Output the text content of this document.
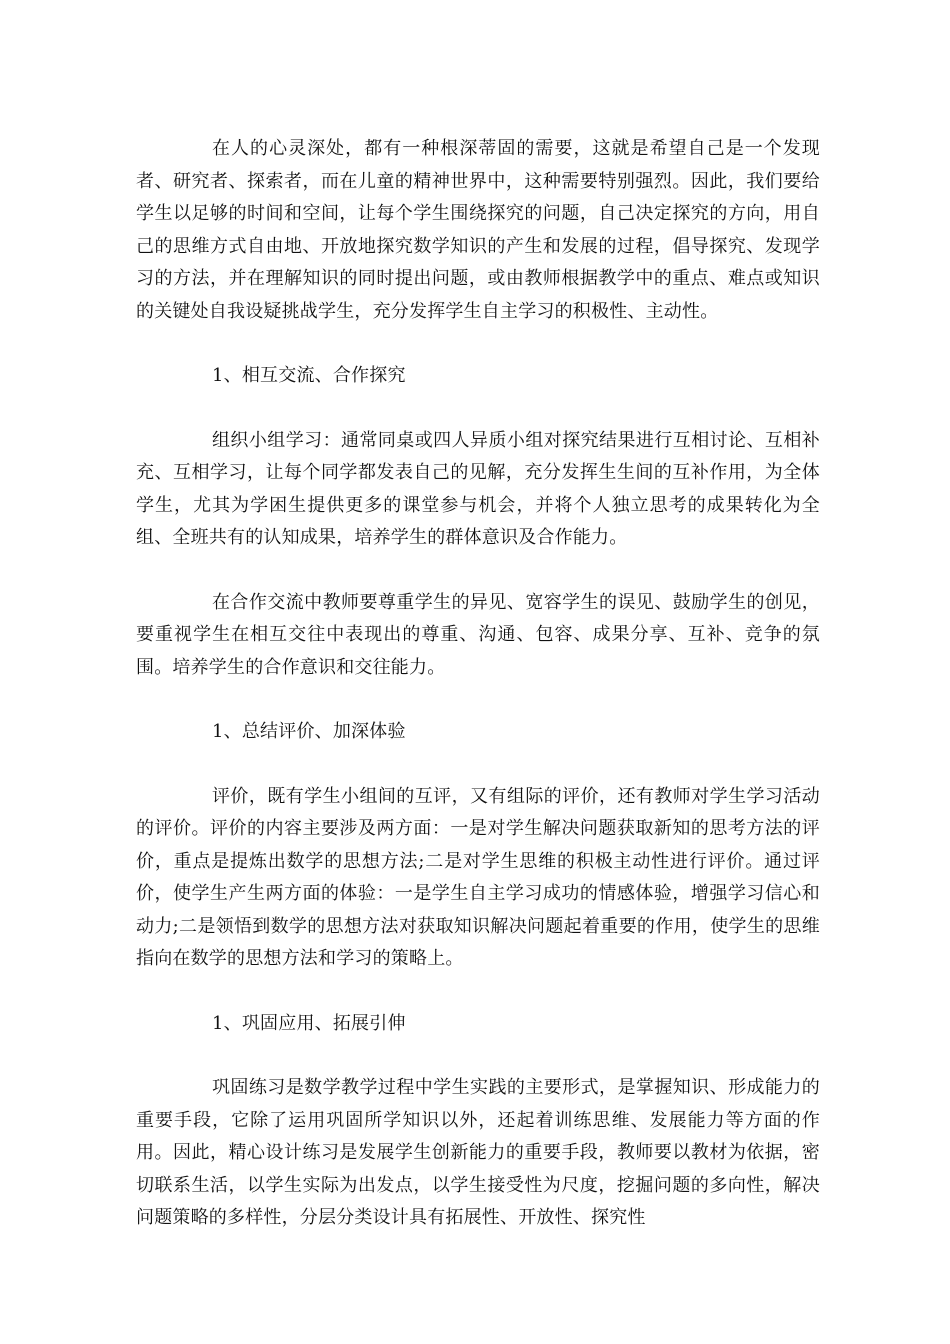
在人的心灵深处，都有一种根深蒂固的需要，这就是希望自己是一个发现者、研究者、探索者，而在儿童的精神世界中，这种需要特别强烈。因此，我们要给学生以足够的时间和空间，让每个学生围绕探究的问题，自己决定探究的方向，用自己的思维方式自由地、开放地探究数学知识的产生和发展的过程，倡导探究、发现学习的方法，并在理解知识的同时提出问题，或由教师根据教学中的重点、难点或知识的关键处自我设疑挑战学生，充分发挥学生自主学习的积极性、主动性。

1、相互交流、合作探究

组织小组学习：通常同桌或四人异质小组对探究结果进行互相讨论、互相补充、互相学习，让每个同学都发表自己的见解，充分发挥生生间的互补作用，为全体学生，尤其为学困生提供更多的课堂参与机会，并将个人独立思考的成果转化为全组、全班共有的认知成果，培养学生的群体意识及合作能力。

在合作交流中教师要尊重学生的异见、宽容学生的误见、鼓励学生的创见，要重视学生在相互交往中表现出的尊重、沟通、包容、成果分享、互补、竞争的氛围。培养学生的合作意识和交往能力。

1、总结评价、加深体验

评价，既有学生小组间的互评，又有组际的评价，还有教师对学生学习活动的评价。评价的内容主要涉及两方面：一是对学生解决问题获取新知的思考方法的评价，重点是提炼出数学的思想方法;二是对学生思维的积极主动性进行评价。通过评价，使学生产生两方面的体验：一是学生自主学习成功的情感体验，增强学习信心和动力;二是领悟到数学的思想方法对获取知识解决问题起着重要的作用，使学生的思维指向在数学的思想方法和学习的策略上。

1、巩固应用、拓展引伸

巩固练习是数学教学过程中学生实践的主要形式，是掌握知识、形成能力的重要手段，它除了运用巩固所学知识以外，还起着训练思维、发展能力等方面的作用。因此，精心设计练习是发展学生创新能力的重要手段，教师要以教材为依据，密切联系生活，以学生实际为出发点，以学生接受性为尺度，挖掘问题的多向性，解决问题策略的多样性，分层分类设计具有拓展性、开放性、探究性
